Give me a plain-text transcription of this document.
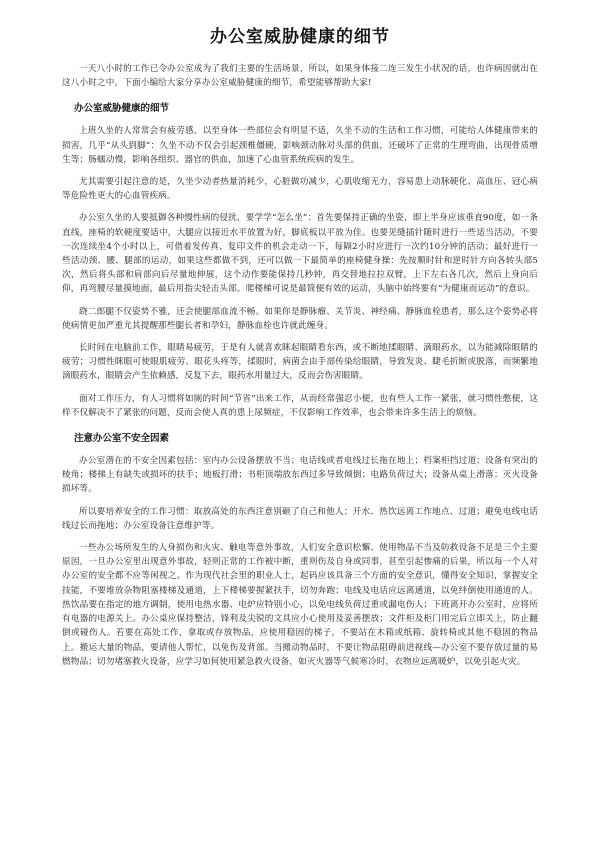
办公室威胁健康的细节

一天八小时的工作已令办公室成为了我们主要的生活场景，所以，如果身体接二连三发生小状况的话，也许病因就出在这八小时之中。下面小编给大家分享办公室威胁健康的细节，希望能够帮助大家!

办公室威胁健康的细节

上班久坐的人常常会有疲劳感，以至身体一些部位会有明显不适，久坐不动的生活和工作习惯，可能给人体健康带来的损害，几乎“从头到脚”：久坐不动不仅会引起颈椎僵硬，影响颈动脉对头部的供血，还破坏了正常的生理弯曲，出现骨质增生等；肠蠕动慢，影响各组织、器官的供血，加速了心血管系统疾病的发生。

尤其需要引起注意的是，久坐少动者热量消耗少，心脏做功减少，心肌收缩无力，容易患上动脉硬化、高血压、冠心病等危险性更大的心血管疾病。

办公室久坐的人要抵御各种慢性病的侵扰，要学学“怎么坐”：首先要保持正确的坐姿，即上半身应该垂直90度，如一条直线，座椅的软硬度要适中，大腿应以接近水平放置为好，脚底板以平放为佳。也要见缝插针随时进行一些适当活动，不要一次连续坐4个小时以上，可借着发传真、复印文件的机会走动一下，每隔2小时应进行一次约10分钟的活动；最好进行一些活动颈、腰、腿部的运动，如果这些都做不到，还可以做一下最简单的座椅健身操：先按顺时针和逆时针方向各转头部5次，然后将头部和肩部向后尽量地伸展，这个动作要能保持几秒钟，再交替地拉拉双臂，上下左右各几次，然后上身向后仰，再弯腰尽量摸地面，最后用指尖轻击头部。爬楼梯可说是最简便有效的运动，头脑中始终要有“为健康而运动”的意识。

跷二郎腿不仅姿势不雅，还会使腿部血流不畅。如果你是静脉瘤、关节炎、神经痛、静脉血栓患者，那么这个姿势必将使病情更加严重尤其提醒那些腿长者和孕妇，静脉血栓也许就此缠身。

长时间在电脑前工作，眼睛易疲劳，于是有人就喜欢眯起眼睛看东西，或不断地揉眼睛、滴眼药水，以为能减除眼睛的疲劳；习惯性眯眼可使眼肌疲劳、眼花头疼等，揉眼时，病菌会由手部传染给眼睛，导致发炎、睫毛折断或脱落，而频繁地滴眼药水，眼睛会产生依赖感，反复下去，眼药水用量过大，反而会伤害眼睛。

面对工作压力，有人习惯将如厕的时间“节省”出来工作，从而经常强忍小便，也有些人工作一紧张，就习惯性憋便，这样不仅解决不了紧张的问题，反而会使人真的患上尿频症，不仅影响工作效率，也会带来许多生活上的烦恼。

注意办公室不安全因素

办公室潜在的不安全因素包括：室内办公设备摆放不当；电话线或者电线过长拖在地上；档案柜挡过道；设备有突出的棱角；楼梯上有缺失或损坏的扶手；地板打滑；书柜顶端放东西过多导致倾倒；电路负荷过大；设备从桌上滑落；灭火设备损坏等。

所以要培养安全的工作习惯：取放高处的东西注意别砸了自己和他人；开水、热饮远离工作地点、过道；避免电线电话线过长而拖地；办公室设备注意维护等。

一些办公场所发生的人身损伤和火灾、触电等意外事故，人们安全意识松懈、使用物品不当及防救设备不足是三个主要原因，一旦办公室里出现意外事故，轻则正常的工作被中断，重则伤及自身或同事，甚至引起惨痛的后果，所以每一个人对办公室的安全都不应等闲视之。作为现代社会里的职业人士，起码应该具备三个方面的安全意识，懂得安全知识，掌握安全技能，不要堆放杂物阻塞楼梯及通道，上下楼梯要握紧扶手，切勿奔跑；电线及电话应远离通道，以免绊倒使用通道的人。热饮品要在指定的地方调制，使用电热水器、电炉应特别小心，以免电线负荷过重或漏电伤人；下班离开办公室时，应将所有电器的电源关上。办公桌应保持整洁，锋利及尖锐的文具应小心使用及妥善摆放；文件柜及柜门用完后立即关上，防止翻倒或碰伤人。若要在高处工作，拿取或存放物品，应使用稳固的梯子，不要站在木箱或纸箱、旋转椅或其他不稳固的物品上。搬运大量的物品，要请他人帮忙，以免伤及背部。当搬动物品时，不要让物品阻碍前进视线—办公室不要存放过量的易燃物品；切勿堵塞救火设备，应学习如何使用紧急救火设备，如灭火器等气候寒冷时，衣物应远离暖炉，以免引起火灾。
